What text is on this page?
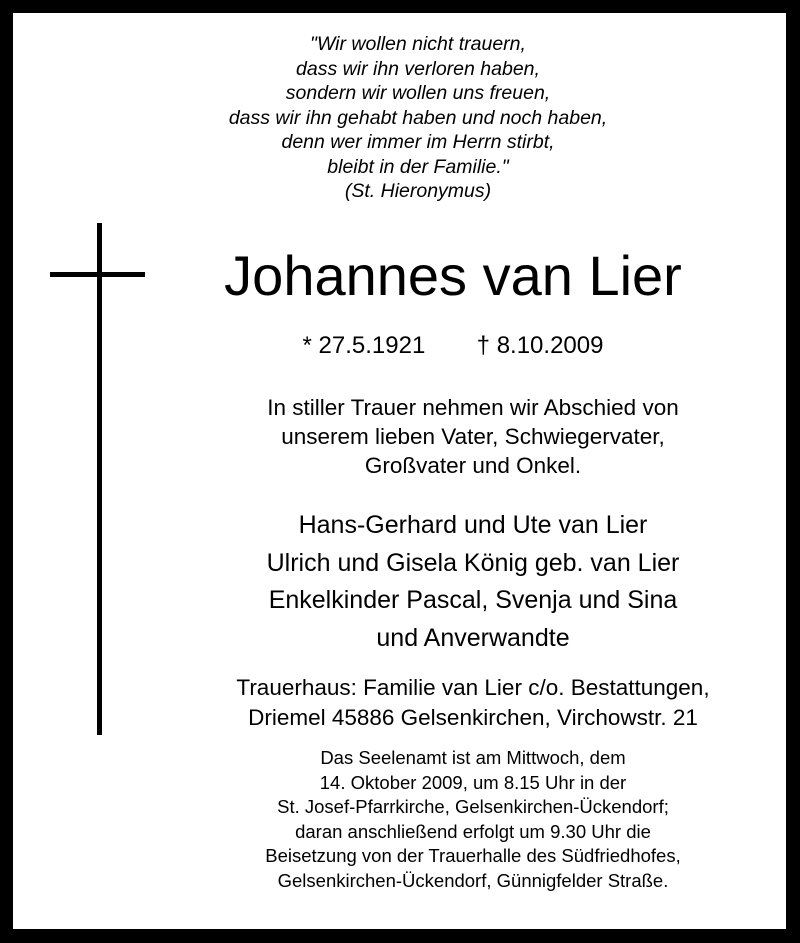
"Wir wollen nicht trauern,
dass wir ihn verloren haben,
sondern wir wollen uns freuen,
dass wir ihn gehabt haben und noch haben,
denn wer immer im Herrn stirbt,
bleibt in der Familie."
(St. Hieronymus)
Johannes van Lier
* 27.5.1921 † 8.10.2009
In stiller Trauer nehmen wir Abschied von
unserem lieben Vater, Schwiegervater,
Großvater und Onkel.
Hans-Gerhard und Ute van Lier
Ulrich und Gisela König geb. van Lier
Enkelkinder Pascal, Svenja und Sina
und Anverwandte
Trauerhaus: Familie van Lier c/o. Bestattungen,
Driemel 45886 Gelsenkirchen, Virchowstr. 21
Das Seelenamt ist am Mittwoch, dem
14. Oktober 2009, um 8.15 Uhr in der
St. Josef-Pfarrkirche, Gelsenkirchen-Ückendorf;
daran anschließend erfolgt um 9.30 Uhr die
Beisetzung von der Trauerhalle des Südfriedhofes,
Gelsenkirchen-Ückendorf, Günnigfelder Straße.
